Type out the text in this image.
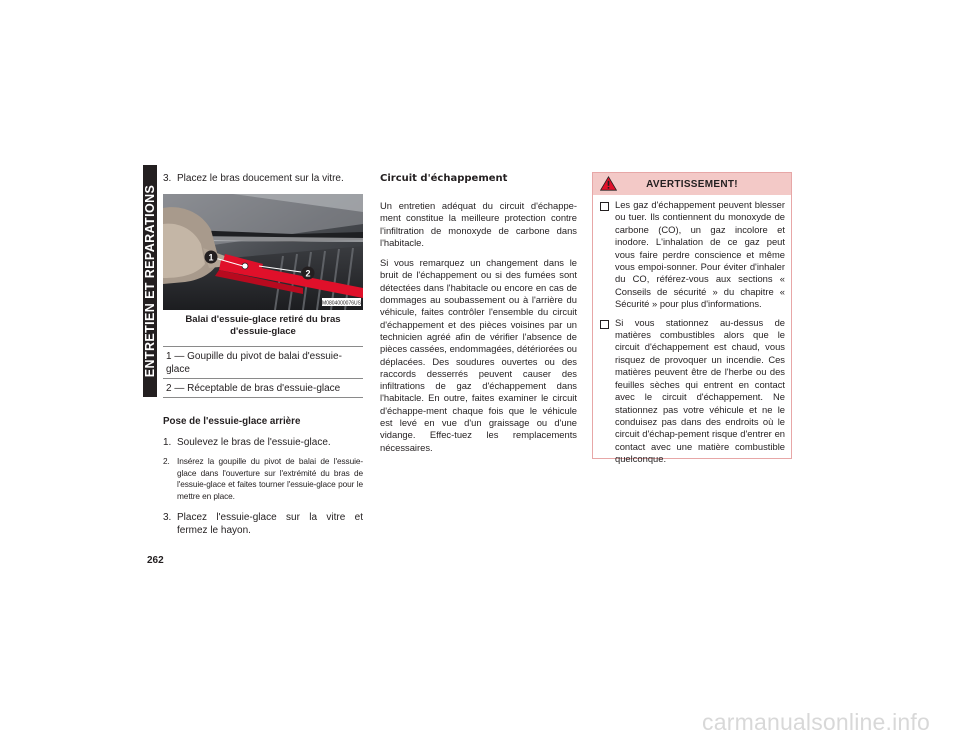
ENTRETIEN ET REPARATIONS
262
3. Placez le bras doucement sur la vitre.
1
2
M0804000076US
Balai d'essuie-glace retiré du bras d'essuie-glace
1 — Goupille du pivot de balai d'essuie-glace
2 — Réceptable de bras d'essuie-glace
Pose de l'essuie-glace arrière
1. Soulevez le bras de l'essuie-glace.
2. Insérez la goupille du pivot de balai de l'essuie-glace dans l'ouverture sur l'extrémité du bras de l'essuie-glace et faites tourner l'essuie-glace pour le mettre en place.
3. Placez l'essuie-glace sur la vitre et fermez le hayon.
Circuit d'échappement

Un entretien adéquat du circuit d'échappe-ment constitue la meilleure protection contre l'infiltration de monoxyde de carbone dans l'habitacle.

Si vous remarquez un changement dans le bruit de l'échappement ou si des fumées sont détectées dans l'habitacle ou encore en cas de dommages au soubassement ou à l'arrière du véhicule, faites contrôler l'ensemble du circuit d'échappement et des pièces voisines par un technicien agréé afin de vérifier l'absence de pièces cassées, endommagées, détériorées ou déplacées. Des soudures ouvertes ou des raccords desserrés peuvent causer des infiltrations de gaz d'échappement dans l'habitacle. En outre, faites examiner le circuit d'échappe-ment chaque fois que le véhicule est levé en vue d'un graissage ou d'une vidange. Effec-tuez les remplacements nécessaires.

AVERTISSEMENT!
Les gaz d'échappement peuvent blesser ou tuer. Ils contiennent du monoxyde de carbone (CO), un gaz incolore et inodore. L'inhalation de ce gaz peut vous faire perdre conscience et même vous empoi-sonner. Pour éviter d'inhaler du CO, référez-vous aux sections « Conseils de sécurité » du chapitre « Sécurité » pour plus d'informations.
Si vous stationnez au-dessus de matières combustibles alors que le circuit d'échappement est chaud, vous risquez de provoquer un incendie. Ces matières peuvent être de l'herbe ou des feuilles sèches qui entrent en contact avec le circuit d'échappement. Ne stationnez pas votre véhicule et ne le conduisez pas dans des endroits où le circuit d'échap-pement risque d'entrer en contact avec une matière combustible quelconque.
carmanualsonline.info
